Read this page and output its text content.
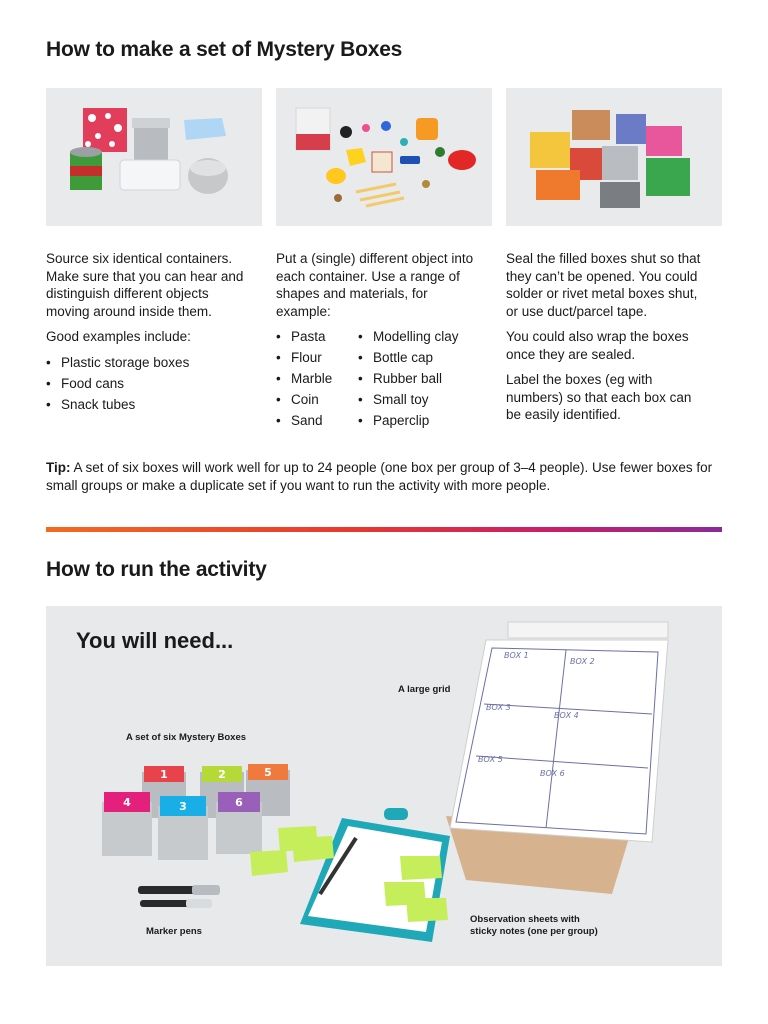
How to make a set of Mystery Boxes

Source six identical containers. Make sure that you can hear and distinguish different objects moving around inside them.

Good examples include:

• Plastic storage boxes
• Food cans
• Snack tubes

Put a (single) different object into each container. Use a range of shapes and materials, for example:

• Pasta
• Flour
• Marble
• Coin
• Sand
• Modelling clay
• Bottle cap
• Rubber ball
• Small toy
• Paperclip

Seal the filled boxes shut so that they can’t be opened. You could solder or rivet metal boxes shut, or use duct/parcel tape.

You could also wrap the boxes once they are sealed.

Label the boxes (eg with numbers) so that each box can be easily identified.

Tip: A set of six boxes will work well for up to 24 people (one box per group of 3–4 people). Use fewer boxes for small groups or make a duplicate set if you want to run the activity with more people.

How to run the activity
BOX 1
BOX 2
BOX 3
BOX 4
BOX 5
BOX 6
1	2	5
4	3	6
You will need...
A large grid
A set of six Mystery Boxes
Marker pens
Observation sheets with
sticky notes (one per group)
